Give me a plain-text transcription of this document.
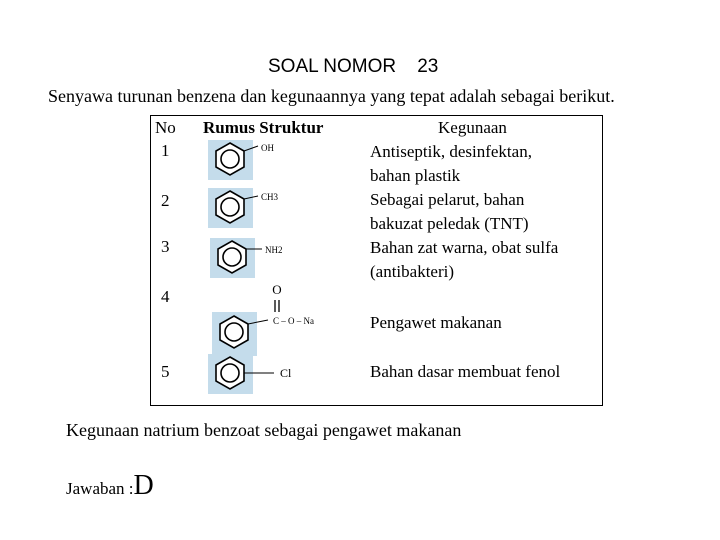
SOAL NOMOR    23
Senyawa turunan benzena dan kegunaannya yang tepat adalah sebagai berikut.
No Rumus Struktur	Kegunaan
1
2
3
4
5
OH
CH3
NH2
O
C – O – Na
Cl
Antiseptik, desinfektan,
bahan plastik
Sebagai pelarut, bahan
bakuzat peledak (TNT)
Bahan zat warna, obat sulfa
(antibakteri)
Pengawet makanan
Bahan dasar membuat fenol
Kegunaan natrium benzoat sebagai pengawet makanan
Jawaban :D
